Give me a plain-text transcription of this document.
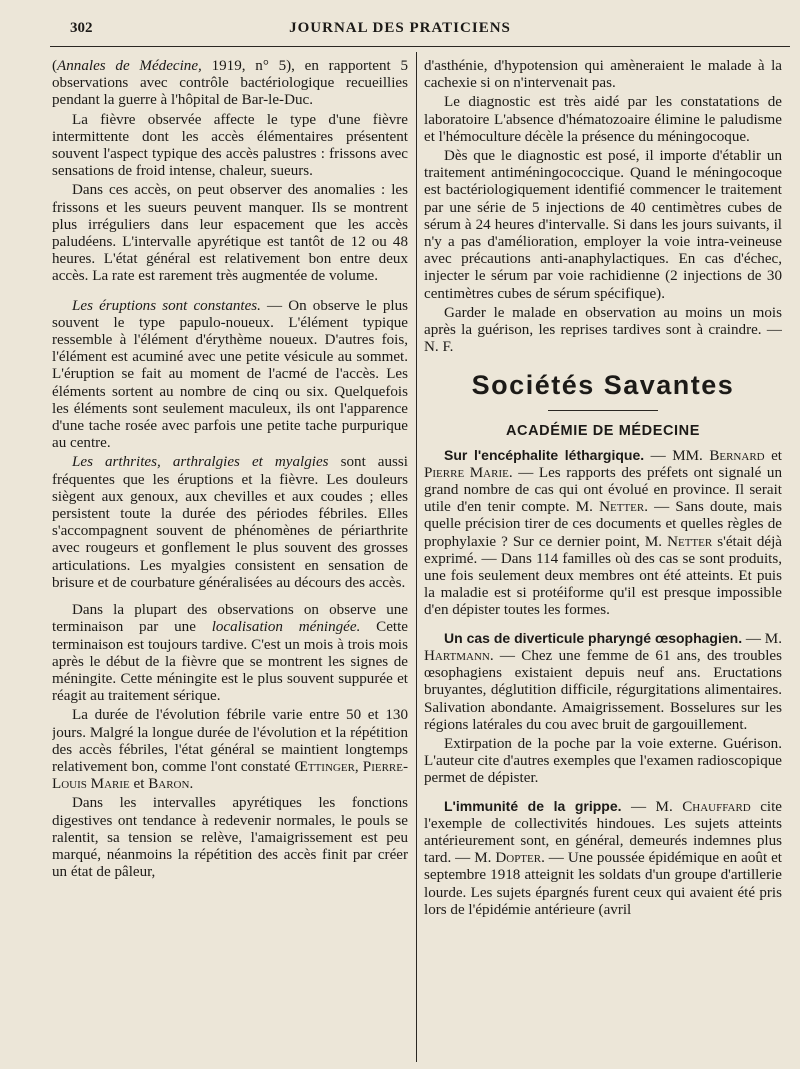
302	JOURNAL DES PRATICIENS

(Annales de Médecine, 1919, n° 5), en rapportent 5 observations avec contrôle bactériologique recueillies pendant la guerre à l'hôpital de Bar-le-Duc.

La fièvre observée affecte le type d'une fièvre intermittente dont les accès élémentaires présentent souvent l'aspect typique des accès palustres : frissons avec sensations de froid intense, chaleur, sueurs.

Dans ces accès, on peut observer des anomalies : les frissons et les sueurs peuvent manquer. Ils se montrent plus irréguliers dans leur espacement que les accès paludéens. L'intervalle apyrétique est tantôt de 12 ou 48 heures. L'état général est relativement bon entre deux accès. La rate est rarement très augmentée de volume.

Les éruptions sont constantes. — On observe le plus souvent le type papulo-noueux. L'élément typique ressemble à l'élément d'érythème noueux. D'autres fois, l'élément est acuminé avec une petite vésicule au sommet. L'éruption se fait au moment de l'acmé de l'accès. Les éléments sortent au nombre de cinq ou six. Quelquefois les éléments sont seulement maculeux, ils ont l'apparence d'une tache rosée avec parfois une petite tache purpurique au centre.

Les arthrites, arthralgies et myalgies sont aussi fréquentes que les éruptions et la fièvre. Les douleurs siègent aux genoux, aux chevilles et aux coudes ; elles persistent toute la durée des périodes fébriles. Elles s'accompagnent souvent de phénomènes de périarthrite avec rougeurs et gonflement le plus souvent des grosses articulations. Les myalgies consistent en sensation de brisure et de courbature généralisées au décours des accès.

Dans la plupart des observations on observe une terminaison par une localisation méningée. Cette terminaison est toujours tardive. C'est un mois à trois mois après le début de la fièvre que se montrent les signes de méningite. Cette méningite est le plus souvent suppurée et réagit au traitement sérique.

La durée de l'évolution fébrile varie entre 50 et 130 jours. Malgré la longue durée de l'évolution et la répétition des accès fébriles, l'état général se maintient longtemps relativement bon, comme l'ont constaté Œttinger, Pierre-Louis Marie et Baron.

Dans les intervalles apyrétiques les fonctions digestives ont tendance à redevenir normales, le pouls se ralentit, sa tension se relève, l'amaigrissement est peu marqué, néanmoins la répétition des accès finit par créer un état de pâleur,

d'asthénie, d'hypotension qui amèneraient le malade à la cachexie si on n'intervenait pas.

Le diagnostic est très aidé par les constatations de laboratoire L'absence d'hématozoaire élimine le paludisme et l'hémoculture décèle la présence du méningocoque.

Dès que le diagnostic est posé, il importe d'établir un traitement antiméningococcique. Quand le méningocoque est bactériologiquement identifié commencer le traitement par une série de 5 injections de 40 centimètres cubes de sérum à 24 heures d'intervalle. Si dans les jours suivants, il n'y a pas d'amélioration, employer la voie intra-veineuse avec précautions anti-anaphylactiques. En cas d'échec, injecter le sérum par voie rachidienne (2 injections de 30 centimètres cubes de sérum spécifique).

Garder le malade en observation au moins un mois après la guérison, les reprises tardives sont à craindre. — N. F.

Sociétés Savantes
ACADÉMIE DE MÉDECINE

Sur l'encéphalite léthargique. — MM. Bernard et Pierre Marie. — Les rapports des préfets ont signalé un grand nombre de cas qui ont évolué en province. Il serait utile d'en tenir compte. M. Netter. — Sans doute, mais quelle précision tirer de ces documents et quelles règles de prophylaxie ? Sur ce dernier point, M. Netter s'était déjà exprimé. — Dans 114 familles où des cas se sont produits, une fois seulement deux membres ont été atteints. Et puis la maladie est si protéiforme qu'il est presque impossible d'en dépister toutes les formes.

Un cas de diverticule pharyngé œsophagien. — M. Hartmann. — Chez une femme de 61 ans, des troubles œsophagiens existaient depuis neuf ans. Eructations bruyantes, déglutition difficile, régurgitations alimentaires. Salivation abondante. Amaigrissement. Bosselures sur les régions latérales du cou avec bruit de gargouillement.

Extirpation de la poche par la voie externe. Guérison. L'auteur cite d'autres exemples que l'examen radioscopique permet de dépister.

L'immunité de la grippe. — M. Chauffard cite l'exemple de collectivités hindoues. Les sujets atteints antérieurement sont, en général, demeurés indemnes plus tard. — M. Dopter. — Une poussée épidémique en août et septembre 1918 atteignit les soldats d'un groupe d'artillerie lourde. Les sujets épargnés furent ceux qui avaient été pris lors de l'épidémie antérieure (avril
